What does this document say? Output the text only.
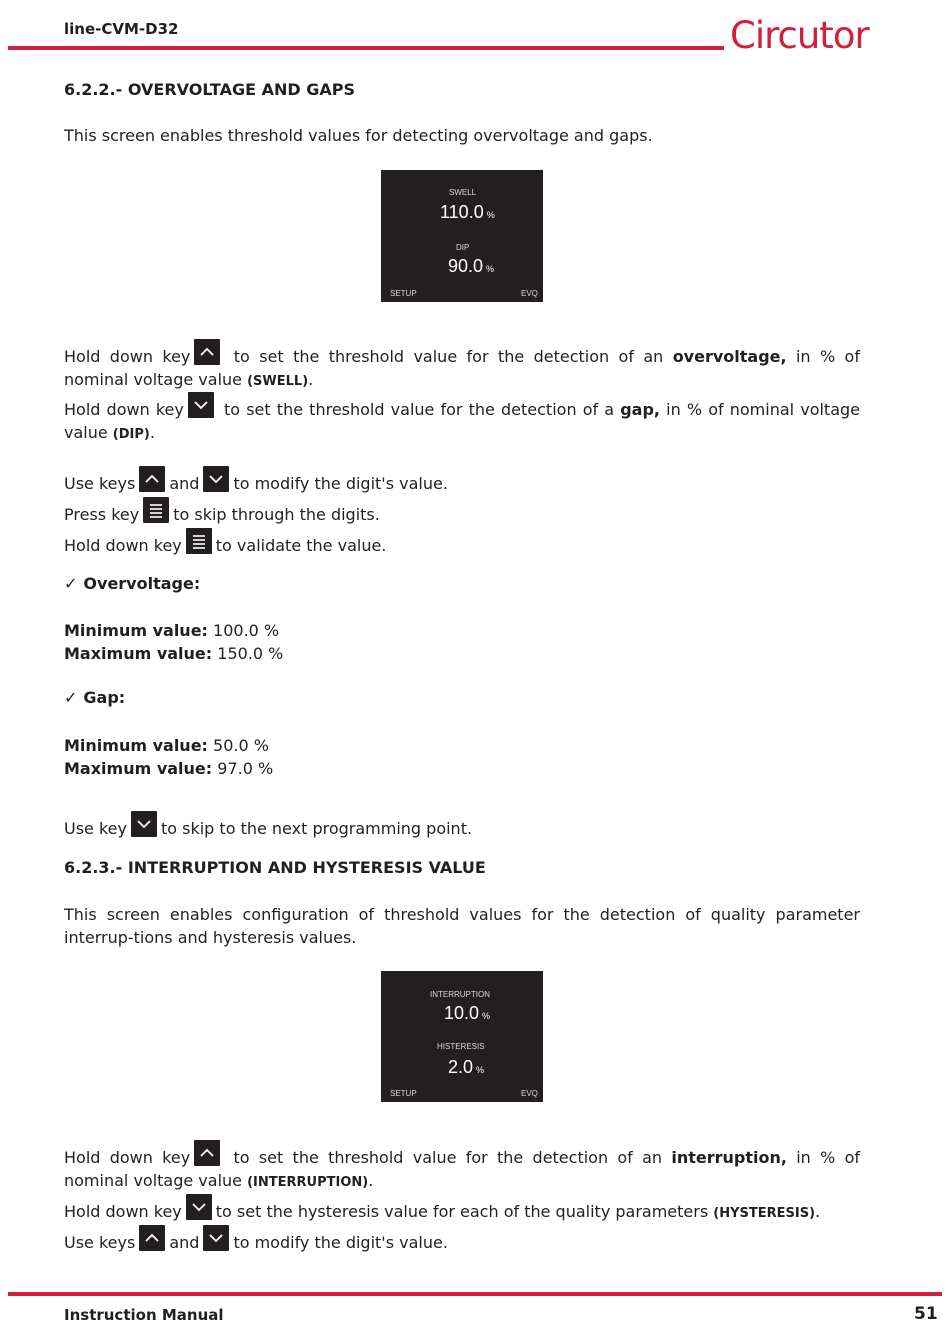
line-CVM-D32	Circutor
6.2.2.- OVERVOLTAGE AND GAPS
This screen enables threshold values for detecting overvoltage and gaps.
SWELL
110.0 %
DIP
90.0 %
SETUP	EVQ
Hold down key	to set the threshold value for the detection of an overvoltage, in % of nominal voltage value (SWELL).
Hold down key	to set the threshold value for the detection of a gap, in % of nominal voltage value (DIP).
Use keys and to modify the digit's value.
Press key to skip through the digits.
Hold down key to validate the value.
✓ Overvoltage:
Minimum value: 100.0 %
Maximum value: 150.0 %
✓ Gap:
Minimum value: 50.0 %
Maximum value: 97.0 %
Use key to skip to the next programming point.
6.2.3.- INTERRUPTION AND HYSTERESIS VALUE
This screen enables configuration of threshold values for the detection of quality parameter interrup-tions and hysteresis values.
INTERRUPTION
10.0 %
HISTERESIS
2.0 %
SETUP	EVQ
Hold down key	to set the threshold value for the detection of an interruption, in % of nominal voltage value (INTERRUPTION).
Hold down key to set the hysteresis value for each of the quality parameters (HYSTERESIS).
Use keys and to modify the digit's value.
Instruction Manual	51
